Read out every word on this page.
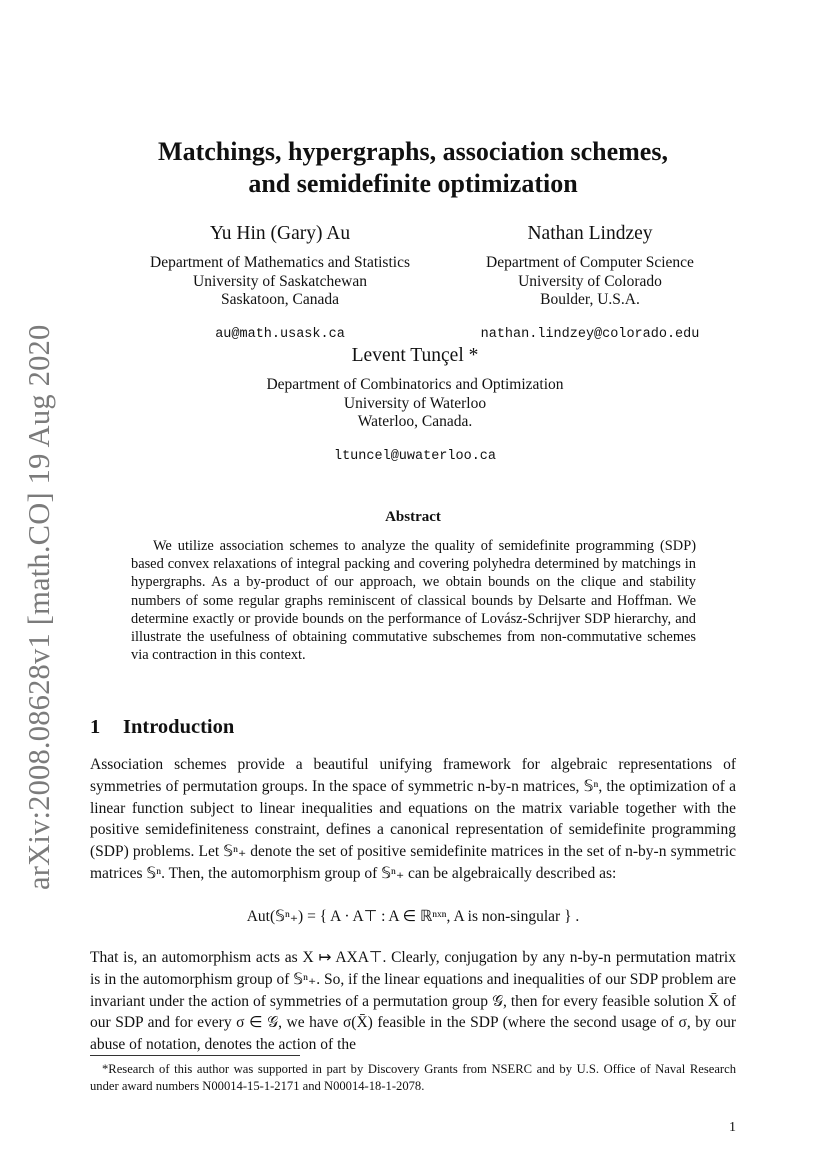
arXiv:2008.08628v1 [math.CO] 19 Aug 2020
Matchings, hypergraphs, association schemes,
and semidefinite optimization
Yu Hin (Gary) Au
Department of Mathematics and Statistics
University of Saskatchewan
Saskatoon, Canada
au@math.usask.ca
Nathan Lindzey
Department of Computer Science
University of Colorado
Boulder, U.S.A.
nathan.lindzey@colorado.edu
Levent Tunçel *
Department of Combinatorics and Optimization
University of Waterloo
Waterloo, Canada.
ltuncel@uwaterloo.ca
Abstract
We utilize association schemes to analyze the quality of semidefinite programming (SDP) based convex relaxations of integral packing and covering polyhedra determined by matchings in hypergraphs. As a by-product of our approach, we obtain bounds on the clique and stability numbers of some regular graphs reminiscent of classical bounds by Delsarte and Hoffman. We determine exactly or provide bounds on the performance of Lovász-Schrijver SDP hierarchy, and illustrate the usefulness of obtaining commutative subschemes from non-commutative schemes via contraction in this context.
1 Introduction
Association schemes provide a beautiful unifying framework for algebraic representations of symmetries of permutation groups. In the space of symmetric n-by-n matrices, 𝕊ⁿ, the optimization of a linear function subject to linear inequalities and equations on the matrix variable together with the positive semidefiniteness constraint, defines a canonical representation of semidefinite programming (SDP) problems. Let 𝕊ⁿ₊ denote the set of positive semidefinite matrices in the set of n-by-n symmetric matrices 𝕊ⁿ. Then, the automorphism group of 𝕊ⁿ₊ can be algebraically described as:
Aut(𝕊ⁿ₊) = { A · A⊤ : A ∈ ℝⁿˣⁿ, A is non-singular } .
That is, an automorphism acts as X ↦ AXA⊤. Clearly, conjugation by any n-by-n permutation matrix is in the automorphism group of 𝕊ⁿ₊. So, if the linear equations and inequalities of our SDP problem are invariant under the action of symmetries of a permutation group 𝒢, then for every feasible solution X̄ of our SDP and for every σ ∈ 𝒢, we have σ(X̄) feasible in the SDP (where the second usage of σ, by our abuse of notation, denotes the action of the
*Research of this author was supported in part by Discovery Grants from NSERC and by U.S. Office of Naval Research under award numbers N00014-15-1-2171 and N00014-18-1-2078.
1
